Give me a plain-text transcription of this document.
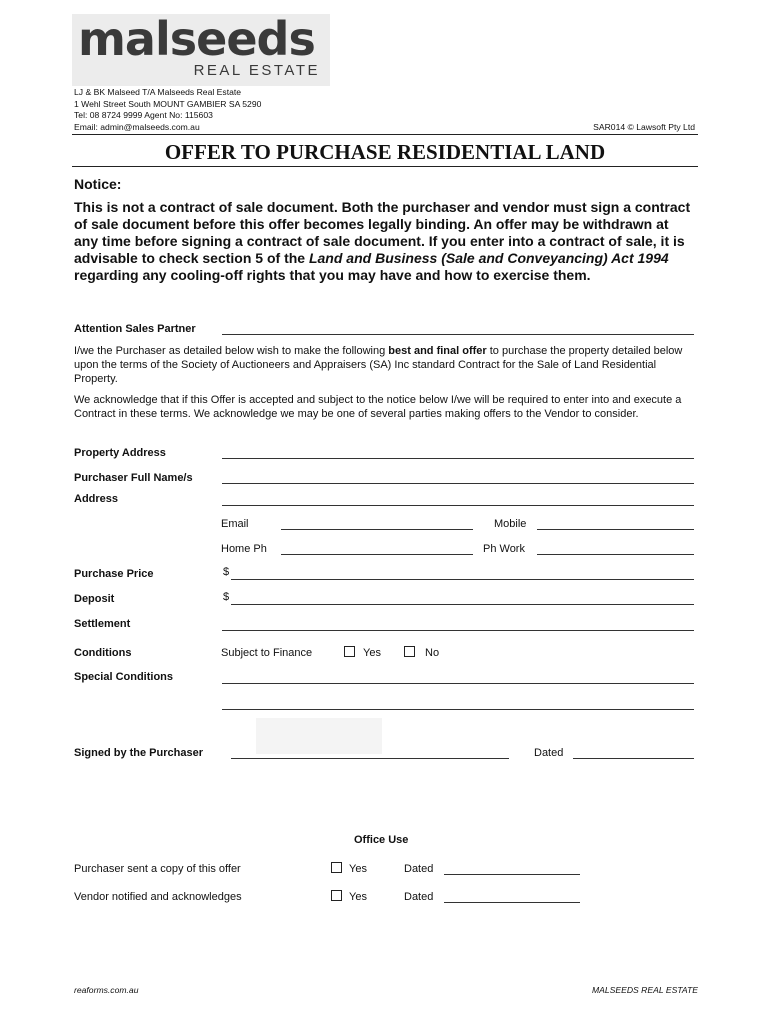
malseeds
REAL ESTATE
LJ & BK Malseed T/A Malseeds Real Estate
1 Wehl Street South MOUNT GAMBIER SA 5290
Tel: 08 8724 9999 Agent No: 115603
Email: admin@malseeds.com.au	SAR014 © Lawsoft Pty Ltd
OFFER TO PURCHASE RESIDENTIAL LAND
Notice:
This is not a contract of sale document. Both the purchaser and vendor must sign a contract of sale document before this offer becomes legally binding. An offer may be withdrawn at any time before signing a contract of sale document. If you enter into a contract of sale, it is advisable to check section 5 of the Land and Business (Sale and Conveyancing) Act 1994 regarding any cooling-off rights that you may have and how to exercise them.
Attention Sales Partner
I/we the Purchaser as detailed below wish to make the following best and final offer to purchase the property detailed below upon the terms of the Society of Auctioneers and Appraisers (SA) Inc standard Contract for the Sale of Land Residential Property.
We acknowledge that if this Offer is accepted and subject to the notice below I/we will be required to enter into and execute a Contract in these terms. We acknowledge we may be one of several parties making offers to the Vendor to consider.
Property Address
Purchaser Full Name/s
Address
Email	Mobile
Home Ph	Ph Work
Purchase Price	$
Deposit	$
Settlement
Conditions	Subject to Finance	Yes	No
Special Conditions
Signed by the Purchaser	Dated
Office Use
Purchaser sent a copy of this offer	Yes	Dated
Vendor notified and acknowledges	Yes	Dated
reaforms.com.au	MALSEEDS REAL ESTATE
